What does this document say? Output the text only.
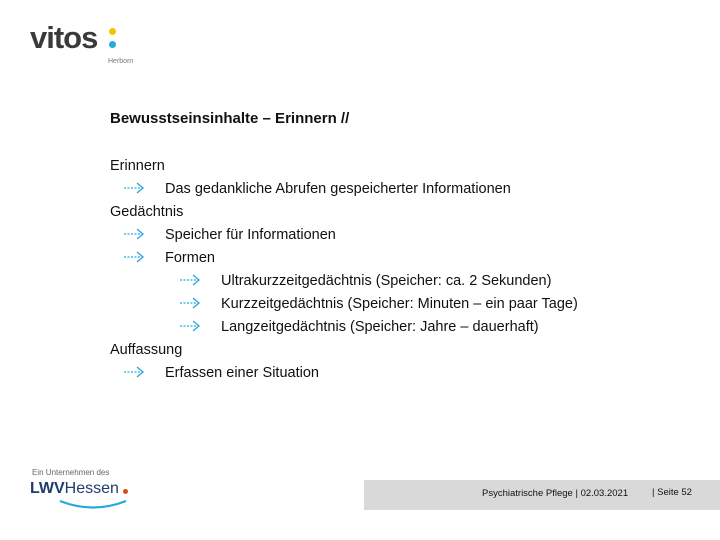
vitos
Herborn
Bewusstseinsinhalte – Erinnern //
Erinnern
Das gedankliche Abrufen gespeicherter Informationen
Gedächtnis
Speicher für Informationen
Formen
Ultrakurzzeitgedächtnis (Speicher: ca. 2 Sekunden)
Kurzzeitgedächtnis (Speicher: Minuten – ein paar Tage)
Langzeitgedächtnis (Speicher: Jahre – dauerhaft)
Auffassung
Erfassen einer Situation
Psychiatrische Pflege | 02.03.2021	| Seite 52
Ein Unternehmen des
LWVHessen
